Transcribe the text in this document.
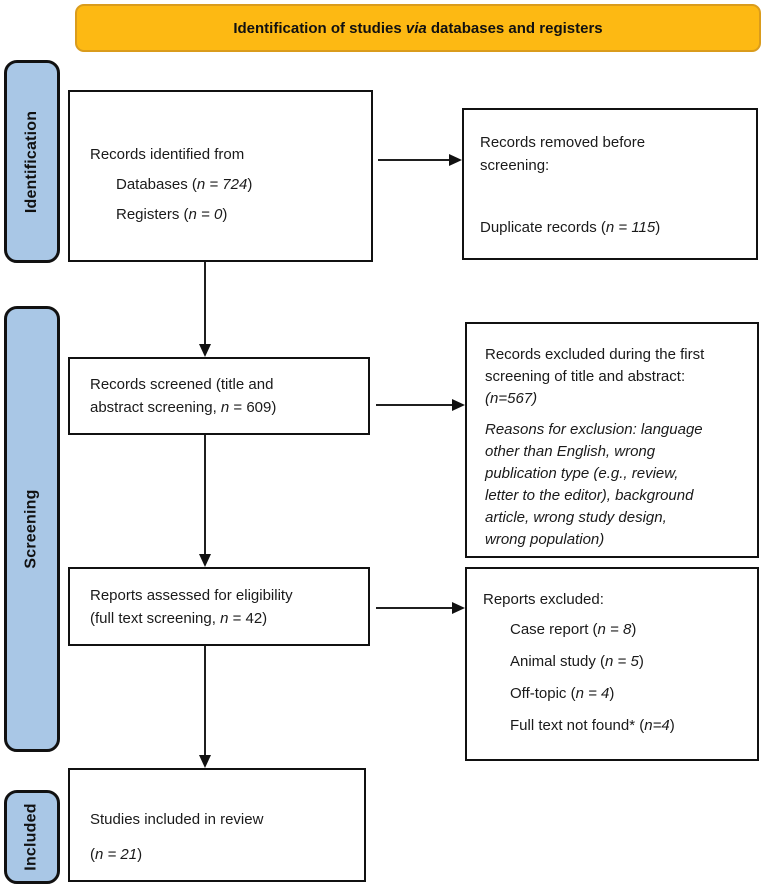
Identification of studies via databases and registers
Identification
Screening
Included
Records identified from
Databases (n = 724)
Registers (n = 0)
Records removed before
screening:
Duplicate records (n = 115)
Records screened (title and
abstract screening, n = 609)
Records excluded during the first
screening of title and abstract:
(n=567)
Reasons for exclusion: language
other than English, wrong
publication type (e.g., review,
letter to the editor), background
article, wrong study design,
wrong population)
Reports assessed for eligibility
(full text screening, n = 42)
Reports excluded:
Case report (n = 8)
Animal study (n = 5)
Off-topic (n = 4)
Full text not found* (n=4)
Studies included in review
(n = 21)
